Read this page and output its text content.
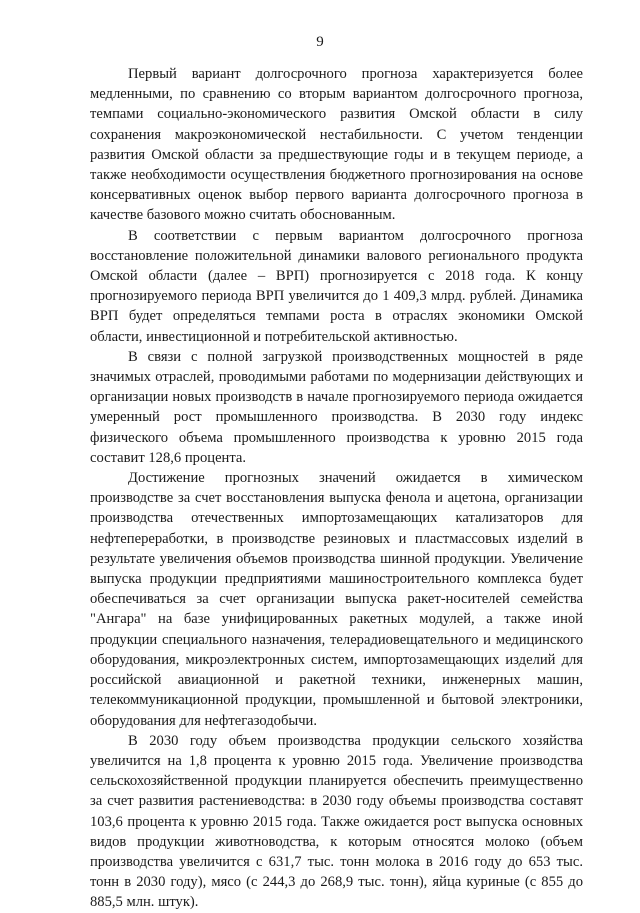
9

Первый вариант долгосрочного прогноза характеризуется более медленными, по сравнению со вторым вариантом долгосрочного прогноза, темпами социально-экономического развития Омской области в силу сохранения макроэкономической нестабильности. С учетом тенденции развития Омской области за предшествующие годы и в текущем периоде, а также необходимости осуществления бюджетного прогнозирования на основе консервативных оценок выбор первого варианта долгосрочного прогноза в качестве базового можно считать обоснованным.

В соответствии с первым вариантом долгосрочного прогноза восстановление положительной динамики валового регионального продукта Омской области (далее – ВРП) прогнозируется с 2018 года. К концу прогнозируемого периода ВРП увеличится до 1 409,3 млрд. рублей. Динамика ВРП будет определяться темпами роста в отраслях экономики Омской области, инвестиционной и потребительской активностью.

В связи с полной загрузкой производственных мощностей в ряде значимых отраслей, проводимыми работами по модернизации действующих и организации новых производств в начале прогнозируемого периода ожидается умеренный рост промышленного производства. В 2030 году индекс физического объема промышленного производства к уровню 2015 года составит 128,6 процента.

Достижение прогнозных значений ожидается в химическом производстве за счет восстановления выпуска фенола и ацетона, организации производства отечественных импортозамещающих катализаторов для нефтепереработки, в производстве резиновых и пластмассовых изделий в результате увеличения объемов производства шинной продукции. Увеличение выпуска продукции предприятиями машиностроительного комплекса будет обеспечиваться за счет организации выпуска ракет-носителей семейства "Ангара" на базе унифицированных ракетных модулей, а также иной продукции специального назначения, телерадиовещательного и медицинского оборудования, микроэлектронных систем, импортозамещающих изделий для российской авиационной и ракетной техники, инженерных машин, телекоммуникационной продукции, промышленной и бытовой электроники, оборудования для нефтегазодобычи.

В 2030 году объем производства продукции сельского хозяйства увеличится на 1,8 процента к уровню 2015 года. Увеличение производства сельскохозяйственной продукции планируется обеспечить преимущественно за счет развития растениеводства: в 2030 году объемы производства составят 103,6 процента к уровню 2015 года. Также ожидается рост выпуска основных видов продукции животноводства, к которым относятся молоко (объем производства увеличится с 631,7 тыс. тонн молока в 2016 году до 653 тыс. тонн в 2030 году), мясо (с 244,3 до 268,9 тыс. тонн), яйца куриные (с 855 до 885,5 млн. штук).
